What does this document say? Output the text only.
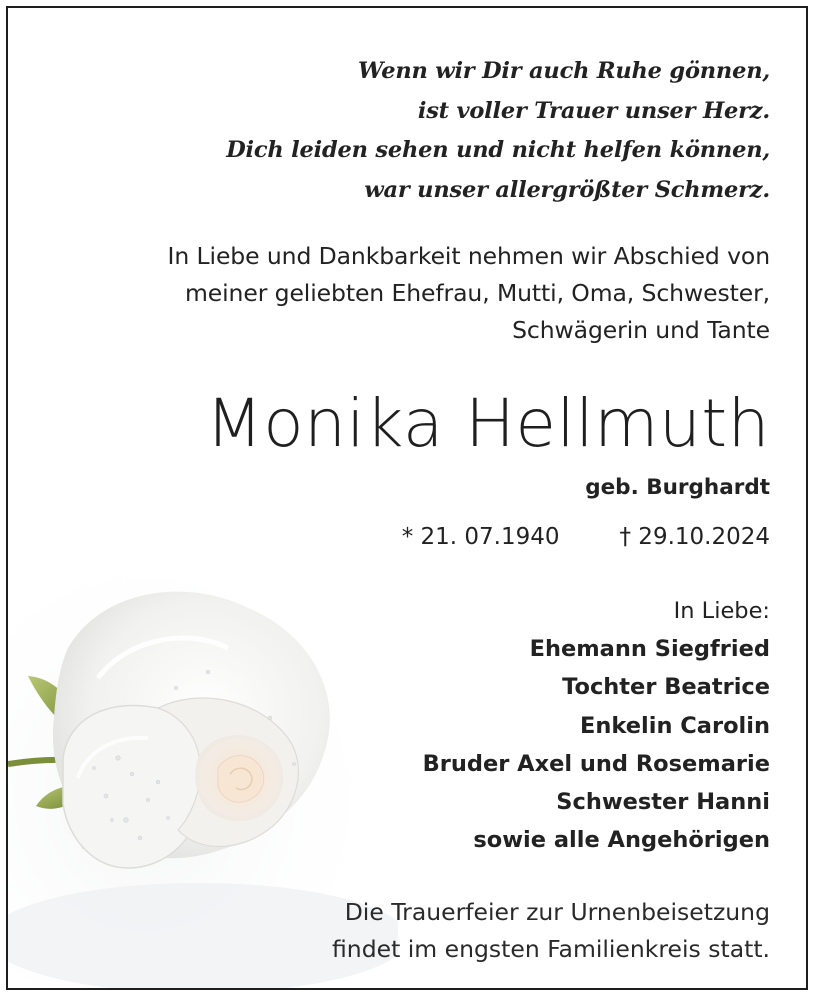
Wenn wir Dir auch Ruhe gönnen,
ist voller Trauer unser Herz.
Dich leiden sehen und nicht helfen können,
war unser allergrößter Schmerz.
In Liebe und Dankbarkeit nehmen wir Abschied von
meiner geliebten Ehefrau, Mutti, Oma, Schwester,
Schwägerin und Tante
Monika Hellmuth
geb. Burghardt
* 21. 07.1940	† 29.10.2024
In Liebe:
Ehemann Siegfried
Tochter Beatrice
Enkelin Carolin
Bruder Axel und Rosemarie
Schwester Hanni
sowie alle Angehörigen
Die Trauerfeier zur Urnenbeisetzung
findet im engsten Familienkreis statt.
